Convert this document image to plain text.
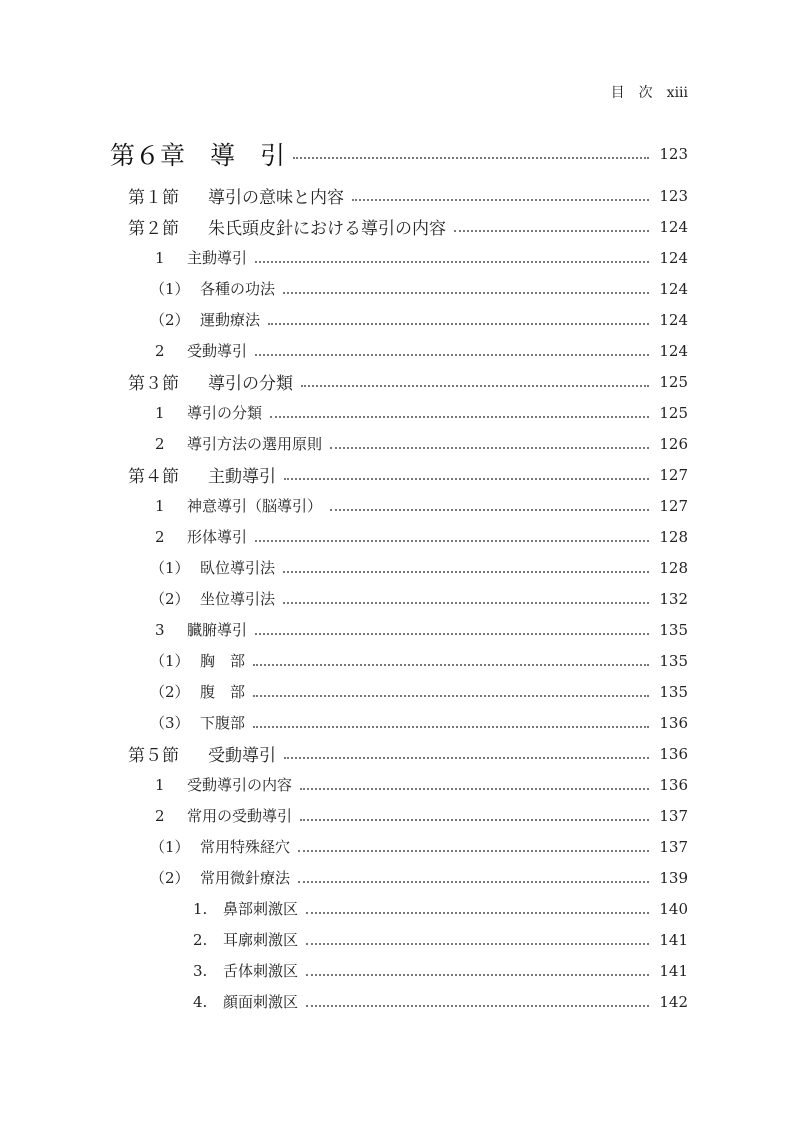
目　次 xiii
第６章　導　引	123
第１節	導引の意味と内容	123
第２節	朱氏頭皮針における導引の内容	124
1	主動導引	124
（1） 各種の功法	124
（2） 運動療法	124
2	受動導引	124
第３節	導引の分類	125
1	導引の分類	125
2	導引方法の選用原則	126
第４節	主動導引	127
1	神意導引（脳導引）	127
2	形体導引	128
（1） 臥位導引法	128
（2） 坐位導引法	132
3	臓腑導引	135
（1） 胸　部	135
（2） 腹　部	135
（3） 下腹部	136
第５節	受動導引	136
1	受動導引の内容	136
2	常用の受動導引	137
（1） 常用特殊経穴	137
（2） 常用微針療法	139
1.	鼻部刺激区	140
2.	耳廓刺激区	141
3.	舌体刺激区	141
4.	顔面刺激区	142
